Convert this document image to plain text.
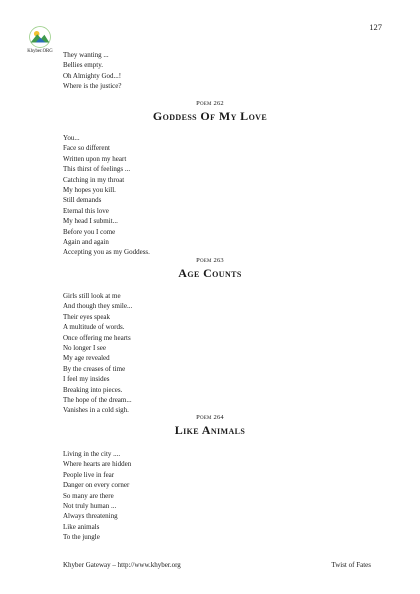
127
Khyber.ORG	They wanting ...
Bellies empty.
Oh Almighty God...!
Where is the justice?
Poem 262
Goddess Of My Love
You...
Face so different
Written upon my heart
This thirst of feelings ...
Catching in my throat
My hopes you kill.
Still demands
Eternal this love
My head I submit...
Before you I come
Again and again
Accepting you as my Goddess.
Poem 263
Age Counts
Girls still look at me
And though they smile...
Their eyes speak
A multitude of words.
Once offering me hearts
No longer I see
My age revealed
By the creases of time
I feel my insides
Breaking into pieces.
The hope of the dream...
Vanishes in a cold sigh.
Poem 264
Like Animals
Living in the city ....
Where hearts are hidden
People live in fear
Danger on every corner
So many are there
Not truly human ...
Always threatening
Like animals
To the jungle
Khyber Gateway – http://www.khyber.org	Twist of Fates
